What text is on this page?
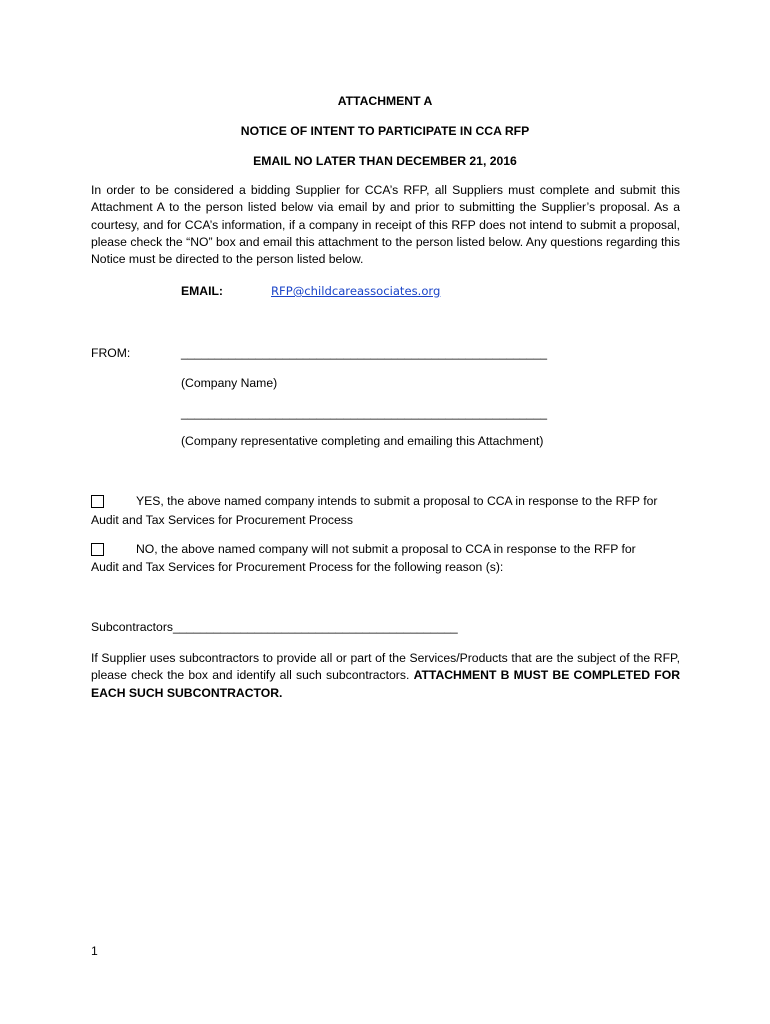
ATTACHMENT A
NOTICE OF INTENT TO PARTICIPATE IN CCA RFP
EMAIL NO LATER THAN DECEMBER 21, 2016
In order to be considered a bidding Supplier for CCA’s RFP, all Suppliers must complete and submit this Attachment A to the person listed below via email by and prior to submitting the Supplier’s proposal. As a courtesy, and for CCA’s information, if a company in receipt of this RFP does not intend to submit a proposal, please check the “NO” box and email this attachment to the person listed below. Any questions regarding this Notice must be directed to the person listed below.
EMAIL:	RFP@childcareassociates.org
FROM:	______________________________________________________
(Company Name)
______________________________________________________
(Company representative completing and emailing this Attachment)
YES, the above named company intends to submit a proposal to CCA in response to the RFP for
Audit and Tax Services for Procurement Process
NO, the above named company will not submit a proposal to CCA in response to the RFP for
Audit and Tax Services for Procurement Process for the following reason (s):
Subcontractors__________________________________________
If Supplier uses subcontractors to provide all or part of the Services/Products that are the subject of the RFP, please check the box and identify all such subcontractors. ATTACHMENT B MUST BE COMPLETED FOR EACH SUCH SUBCONTRACTOR.
1
